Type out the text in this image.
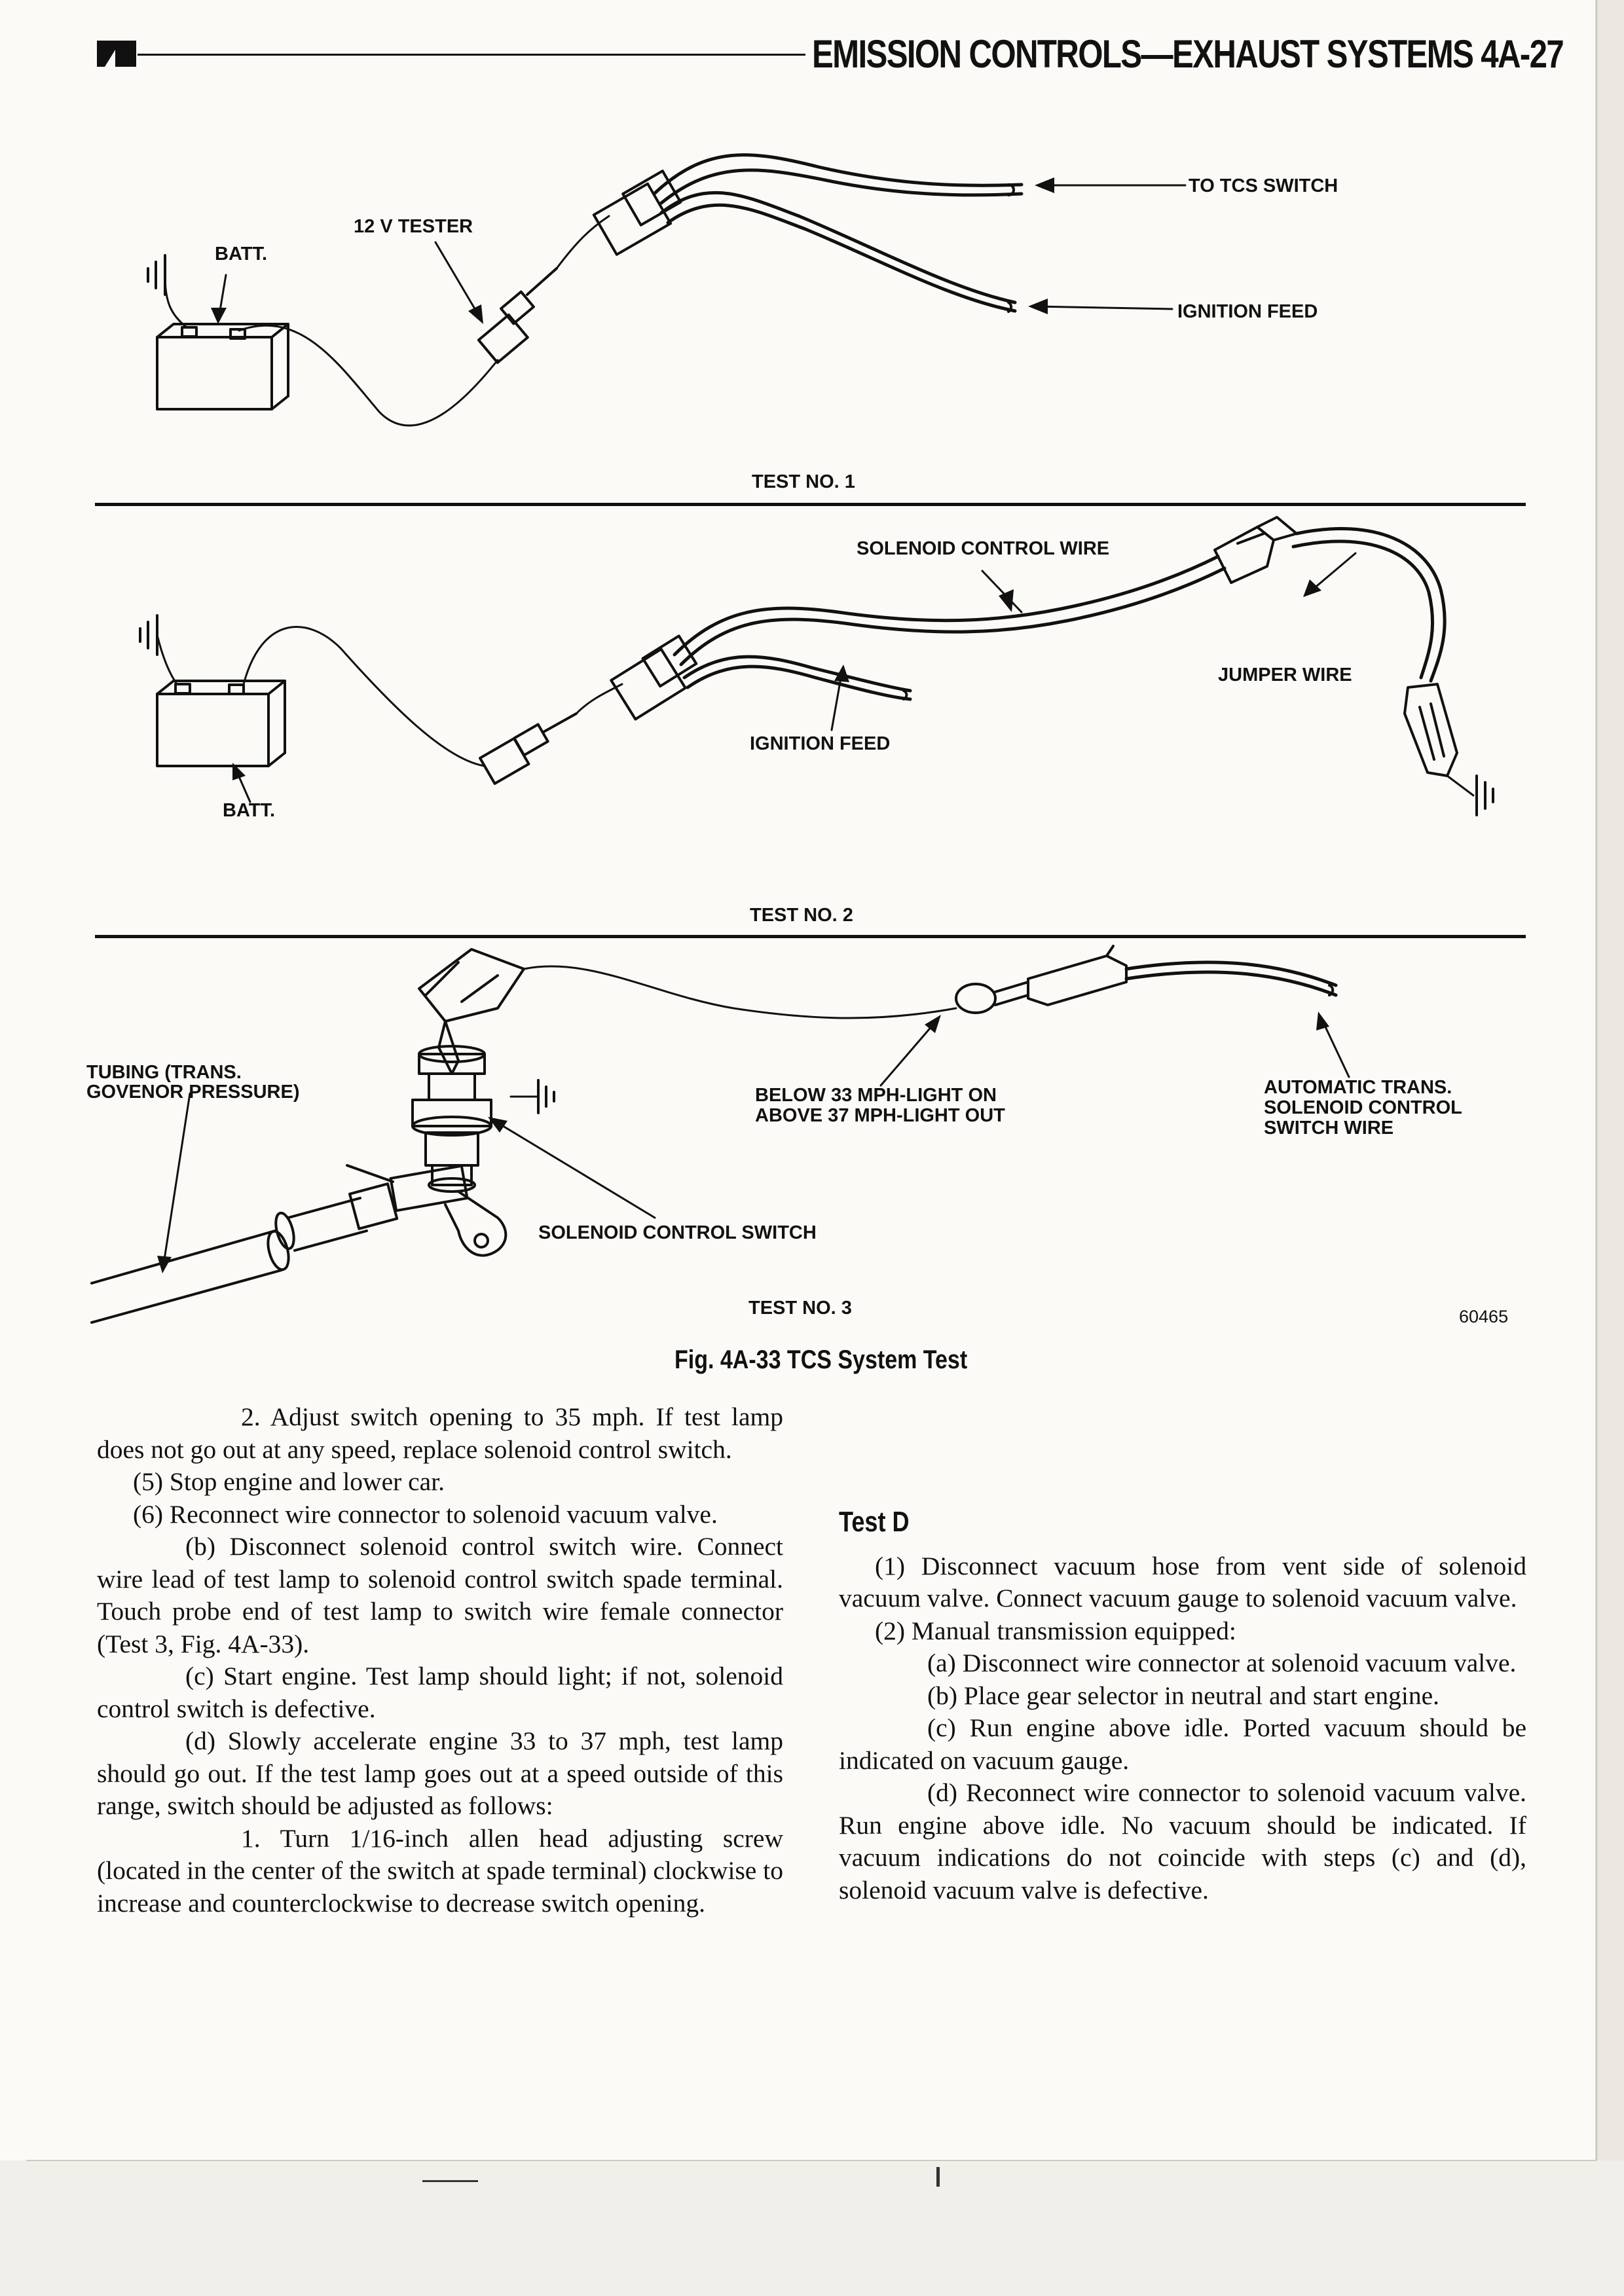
EMISSION CONTROLS—EXHAUST SYSTEMS 4A-27
BATT.
12 V TESTER
TO TCS SWITCH
IGNITION FEED
TEST NO. 1
SOLENOID CONTROL WIRE
JUMPER WIRE
IGNITION FEED
BATT.
TEST NO. 2
TUBING (TRANS.
GOVENOR PRESSURE)	BELOW 33 MPH-LIGHT ON
ABOVE 37 MPH-LIGHT OUT
AUTOMATIC TRANS.
SOLENOID CONTROL
SWITCH WIRE
SOLENOID CONTROL SWITCH
TEST NO. 3	60465
Fig. 4A-33 TCS System Test

2. Adjust switch opening to 35 mph. If test lamp does not go out at any speed, replace solenoid control switch.

(5) Stop engine and lower car.

(6) Reconnect wire connector to solenoid vacuum valve.

(b) Disconnect solenoid control switch wire. Connect wire lead of test lamp to solenoid control switch spade terminal. Touch probe end of test lamp to switch wire female connector (Test 3, Fig. 4A-33).

(c) Start engine. Test lamp should light; if not, solenoid control switch is defective.

(d) Slowly accelerate engine 33 to 37 mph, test lamp should go out. If the test lamp goes out at a speed outside of this range, switch should be adjusted as follows:

1. Turn 1/16-inch allen head adjusting screw (located in the center of the switch at spade terminal) clockwise to increase and counterclockwise to decrease switch opening.

Test D

(1) Disconnect vacuum hose from vent side of solenoid vacuum valve. Connect vacuum gauge to solenoid vacuum valve.

(2) Manual transmission equipped:

(a) Disconnect wire connector at solenoid vacuum valve.

(b) Place gear selector in neutral and start engine.

(c) Run engine above idle. Ported vacuum should be indicated on vacuum gauge.

(d) Reconnect wire connector to solenoid vacuum valve. Run engine above idle. No vacuum should be indicated. If vacuum indications do not coincide with steps (c) and (d), solenoid vacuum valve is defective.
